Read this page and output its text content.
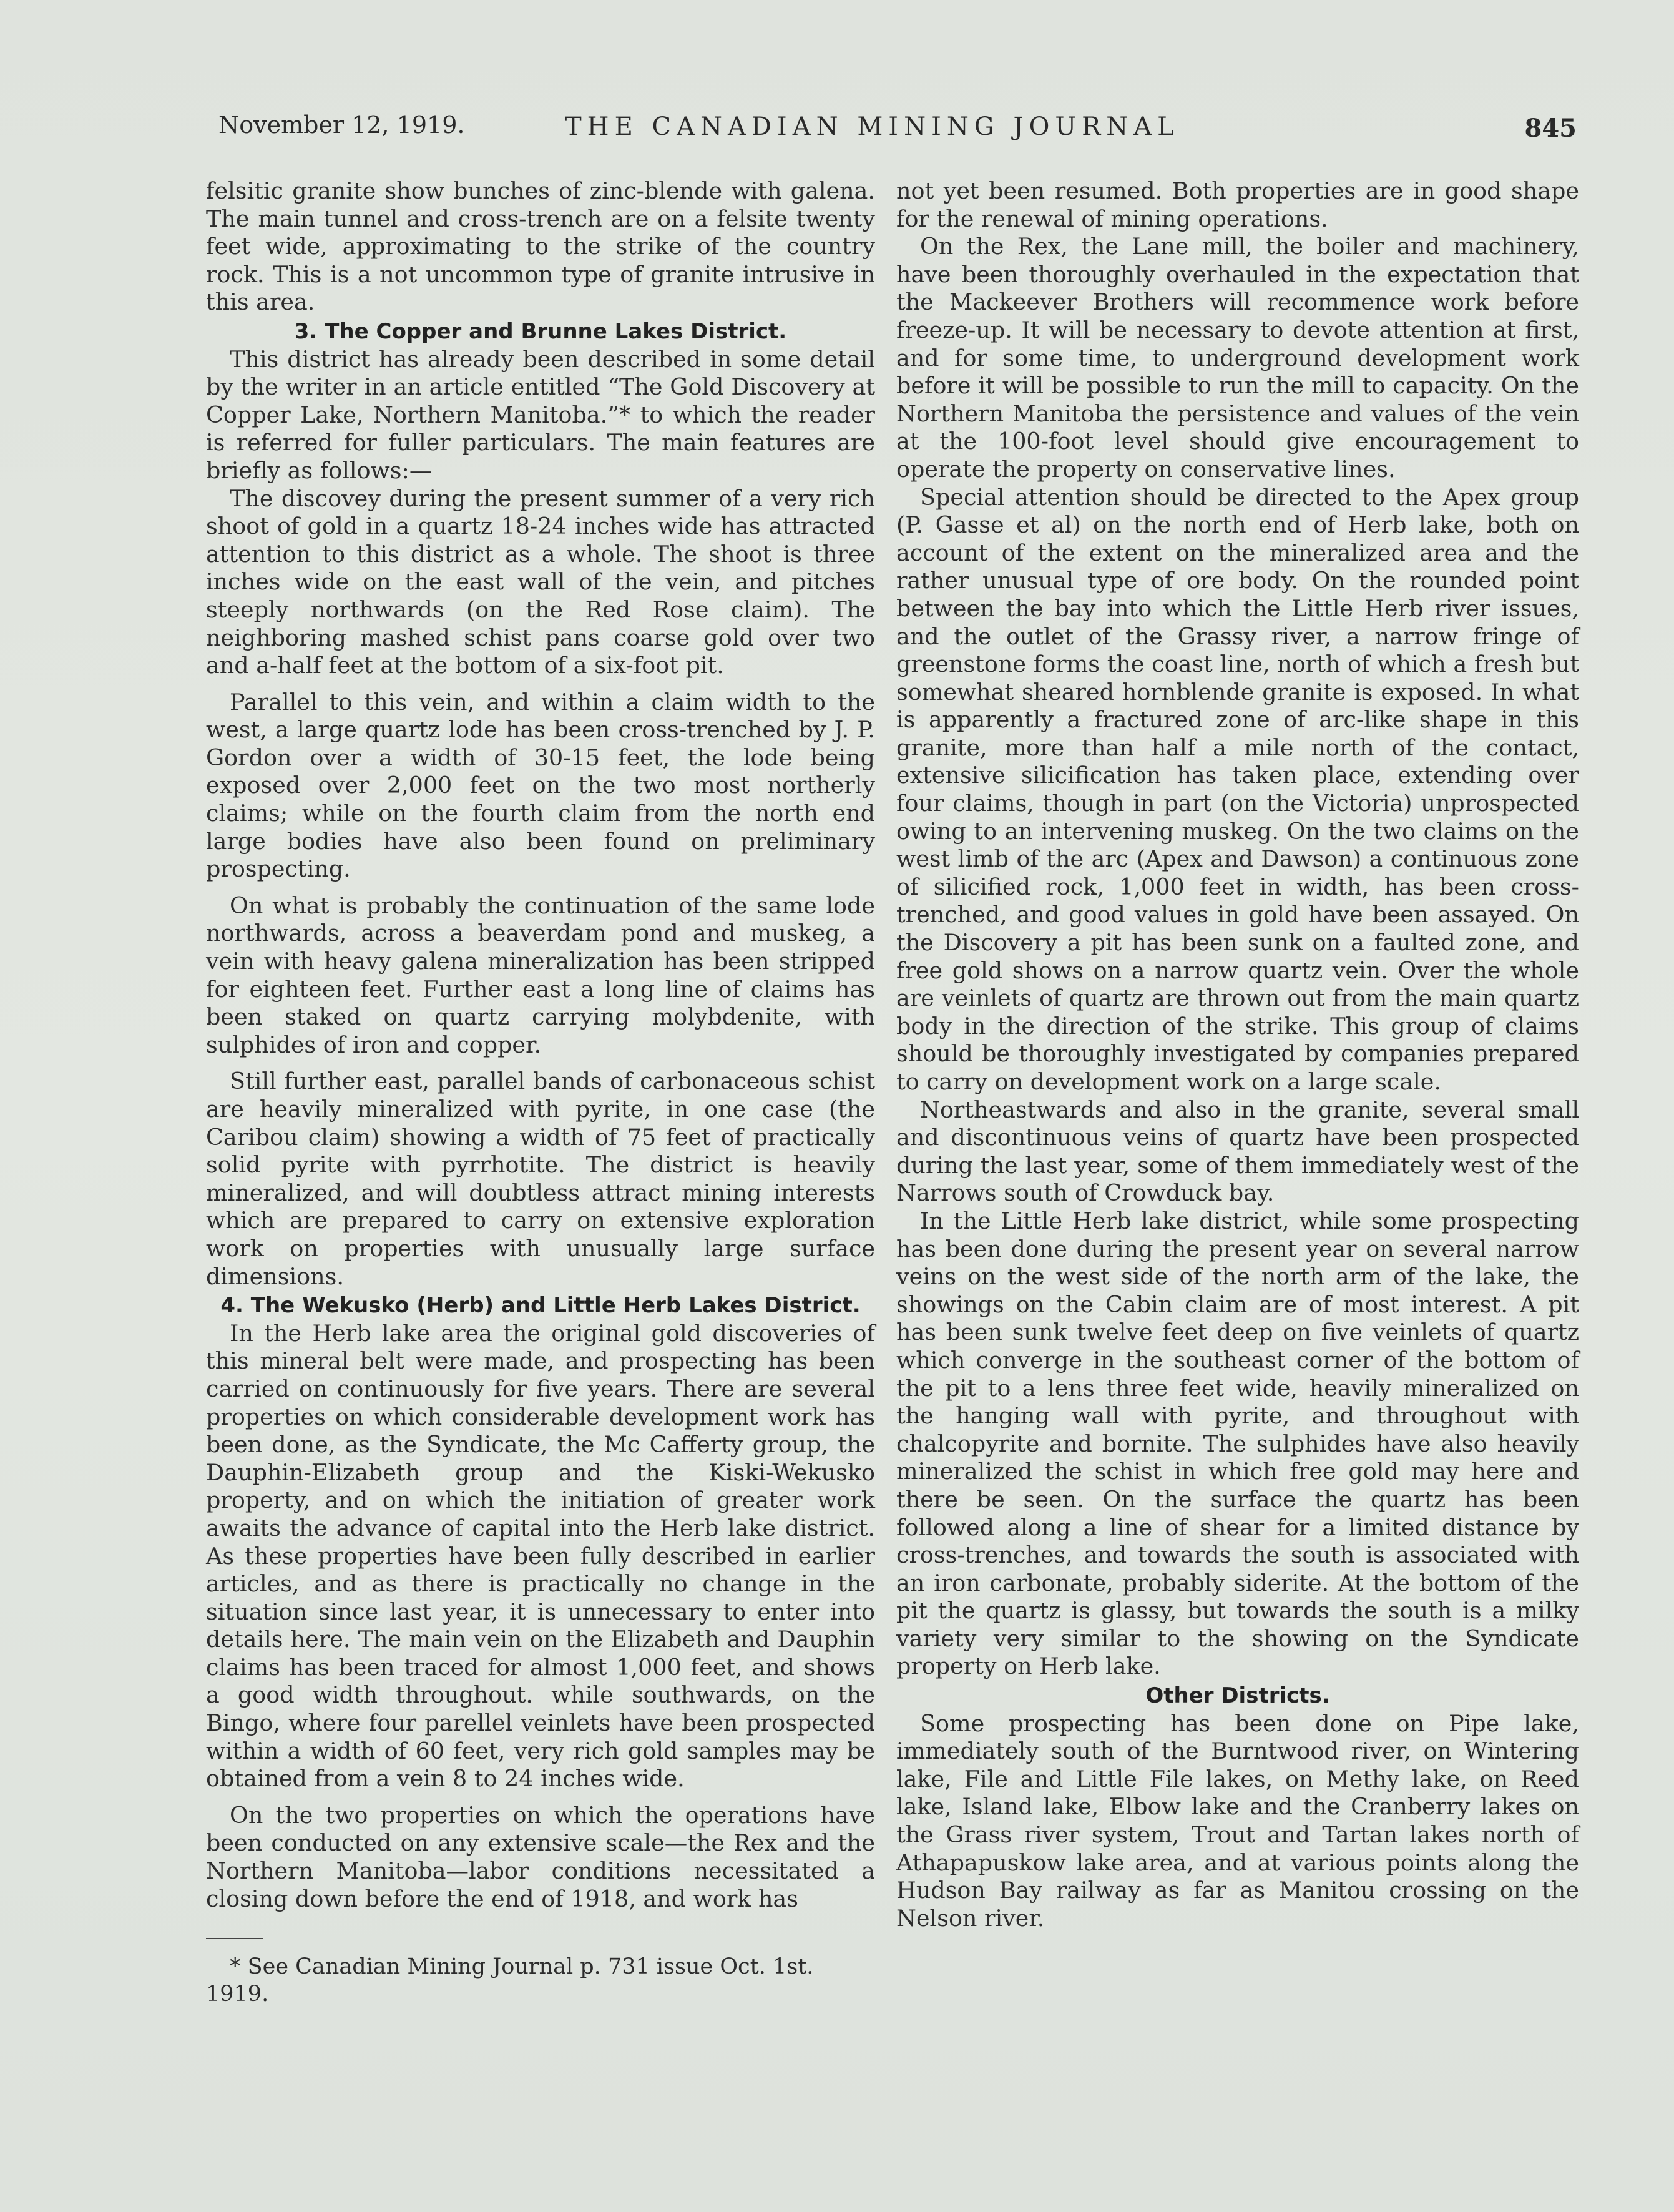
November 12, 1919.	THE CANADIAN MINING JOURNAL	845

felsitic granite show bunches of zinc-blende with galena. The main tunnel and cross-trench are on a felsite twenty feet wide, approximating to the strike of the country rock. This is a not uncommon type of granite intrusive in this area.

3. The Copper and Brunne Lakes District.

This district has already been described in some detail by the writer in an article entitled “The Gold Discovery at Copper Lake, Northern Manitoba.”* to which the reader is referred for fuller particulars. The main features are briefly as follows:—

The discovey during the present summer of a very rich shoot of gold in a quartz 18-24 inches wide has attracted attention to this district as a whole. The shoot is three inches wide on the east wall of the vein, and pitches steeply northwards (on the Red Rose claim). The neighboring mashed schist pans coarse gold over two and a-half feet at the bottom of a six-foot pit.

Parallel to this vein, and within a claim width to the west, a large quartz lode has been cross-trenched by J. P. Gordon over a width of 30-15 feet, the lode being exposed over 2,000 feet on the two most northerly claims; while on the fourth claim from the north end large bodies have also been found on preliminary prospecting.

On what is probably the continuation of the same lode northwards, across a beaverdam pond and muskeg, a vein with heavy galena mineralization has been stripped for eighteen feet. Further east a long line of claims has been staked on quartz carrying molybdenite, with sulphides of iron and copper.

Still further east, parallel bands of carbonaceous schist are heavily mineralized with pyrite, in one case (the Caribou claim) showing a width of 75 feet of practically solid pyrite with pyrrhotite. The district is heavily mineralized, and will doubtless attract mining interests which are prepared to carry on extensive exploration work on properties with unusually large surface dimensions.

4. The Wekusko (Herb) and Little Herb Lakes District.

In the Herb lake area the original gold discoveries of this mineral belt were made, and prospecting has been carried on continuously for five years. There are several properties on which considerable development work has been done, as the Syndicate, the Mc Cafferty group, the Dauphin-Elizabeth group and the Kiski-Wekusko property, and on which the initiation of greater work awaits the advance of capital into the Herb lake district. As these properties have been fully described in earlier articles, and as there is practically no change in the situation since last year, it is unnecessary to enter into details here. The main vein on the Elizabeth and Dauphin claims has been traced for almost 1,000 feet, and shows a good width throughout. while southwards, on the Bingo, where four parellel veinlets have been prospected within a width of 60 feet, very rich gold samples may be obtained from a vein 8 to 24 inches wide.

On the two properties on which the operations have been conducted on any extensive scale—the Rex and the Northern Manitoba—labor conditions necessitated a closing down before the end of 1918, and work has

* See Canadian Mining Journal p. 731 issue Oct. 1st. 1919.

not yet been resumed. Both properties are in good shape for the renewal of mining operations.

On the Rex, the Lane mill, the boiler and machinery, have been thoroughly overhauled in the expectation that the Mackeever Brothers will recommence work before freeze-up. It will be necessary to devote attention at first, and for some time, to underground development work before it will be possible to run the mill to capacity. On the Northern Manitoba the persistence and values of the vein at the 100-foot level should give encouragement to operate the property on conservative lines.

Special attention should be directed to the Apex group (P. Gasse et al) on the north end of Herb lake, both on account of the extent on the mineralized area and the rather unusual type of ore body. On the rounded point between the bay into which the Little Herb river issues, and the outlet of the Grassy river, a narrow fringe of greenstone forms the coast line, north of which a fresh but somewhat sheared hornblende granite is exposed. In what is apparently a fractured zone of arc-like shape in this granite, more than half a mile north of the contact, extensive silicification has taken place, extending over four claims, though in part (on the Victoria) unprospected owing to an intervening muskeg. On the two claims on the west limb of the arc (Apex and Dawson) a continuous zone of silicified rock, 1,000 feet in width, has been cross-trenched, and good values in gold have been assayed. On the Discovery a pit has been sunk on a faulted zone, and free gold shows on a narrow quartz vein. Over the whole are veinlets of quartz are thrown out from the main quartz body in the direction of the strike. This group of claims should be thoroughly investigated by companies prepared to carry on development work on a large scale.

Northeastwards and also in the granite, several small and discontinuous veins of quartz have been prospected during the last year, some of them immediately west of the Narrows south of Crowduck bay.

In the Little Herb lake district, while some prospecting has been done during the present year on several narrow veins on the west side of the north arm of the lake, the showings on the Cabin claim are of most interest. A pit has been sunk twelve feet deep on five veinlets of quartz which converge in the southeast corner of the bottom of the pit to a lens three feet wide, heavily mineralized on the hanging wall with pyrite, and throughout with chalcopyrite and bornite. The sulphides have also heavily mineralized the schist in which free gold may here and there be seen. On the surface the quartz has been followed along a line of shear for a limited distance by cross-trenches, and towards the south is associated with an iron carbonate, probably siderite. At the bottom of the pit the quartz is glassy, but towards the south is a milky variety very similar to the showing on the Syndicate property on Herb lake.

Other Districts.

Some prospecting has been done on Pipe lake, immediately south of the Burntwood river, on Wintering lake, File and Little File lakes, on Methy lake, on Reed lake, Island lake, Elbow lake and the Cranberry lakes on the Grass river system, Trout and Tartan lakes north of Athapapuskow lake area, and at various points along the Hudson Bay railway as far as Manitou crossing on the Nelson river.
